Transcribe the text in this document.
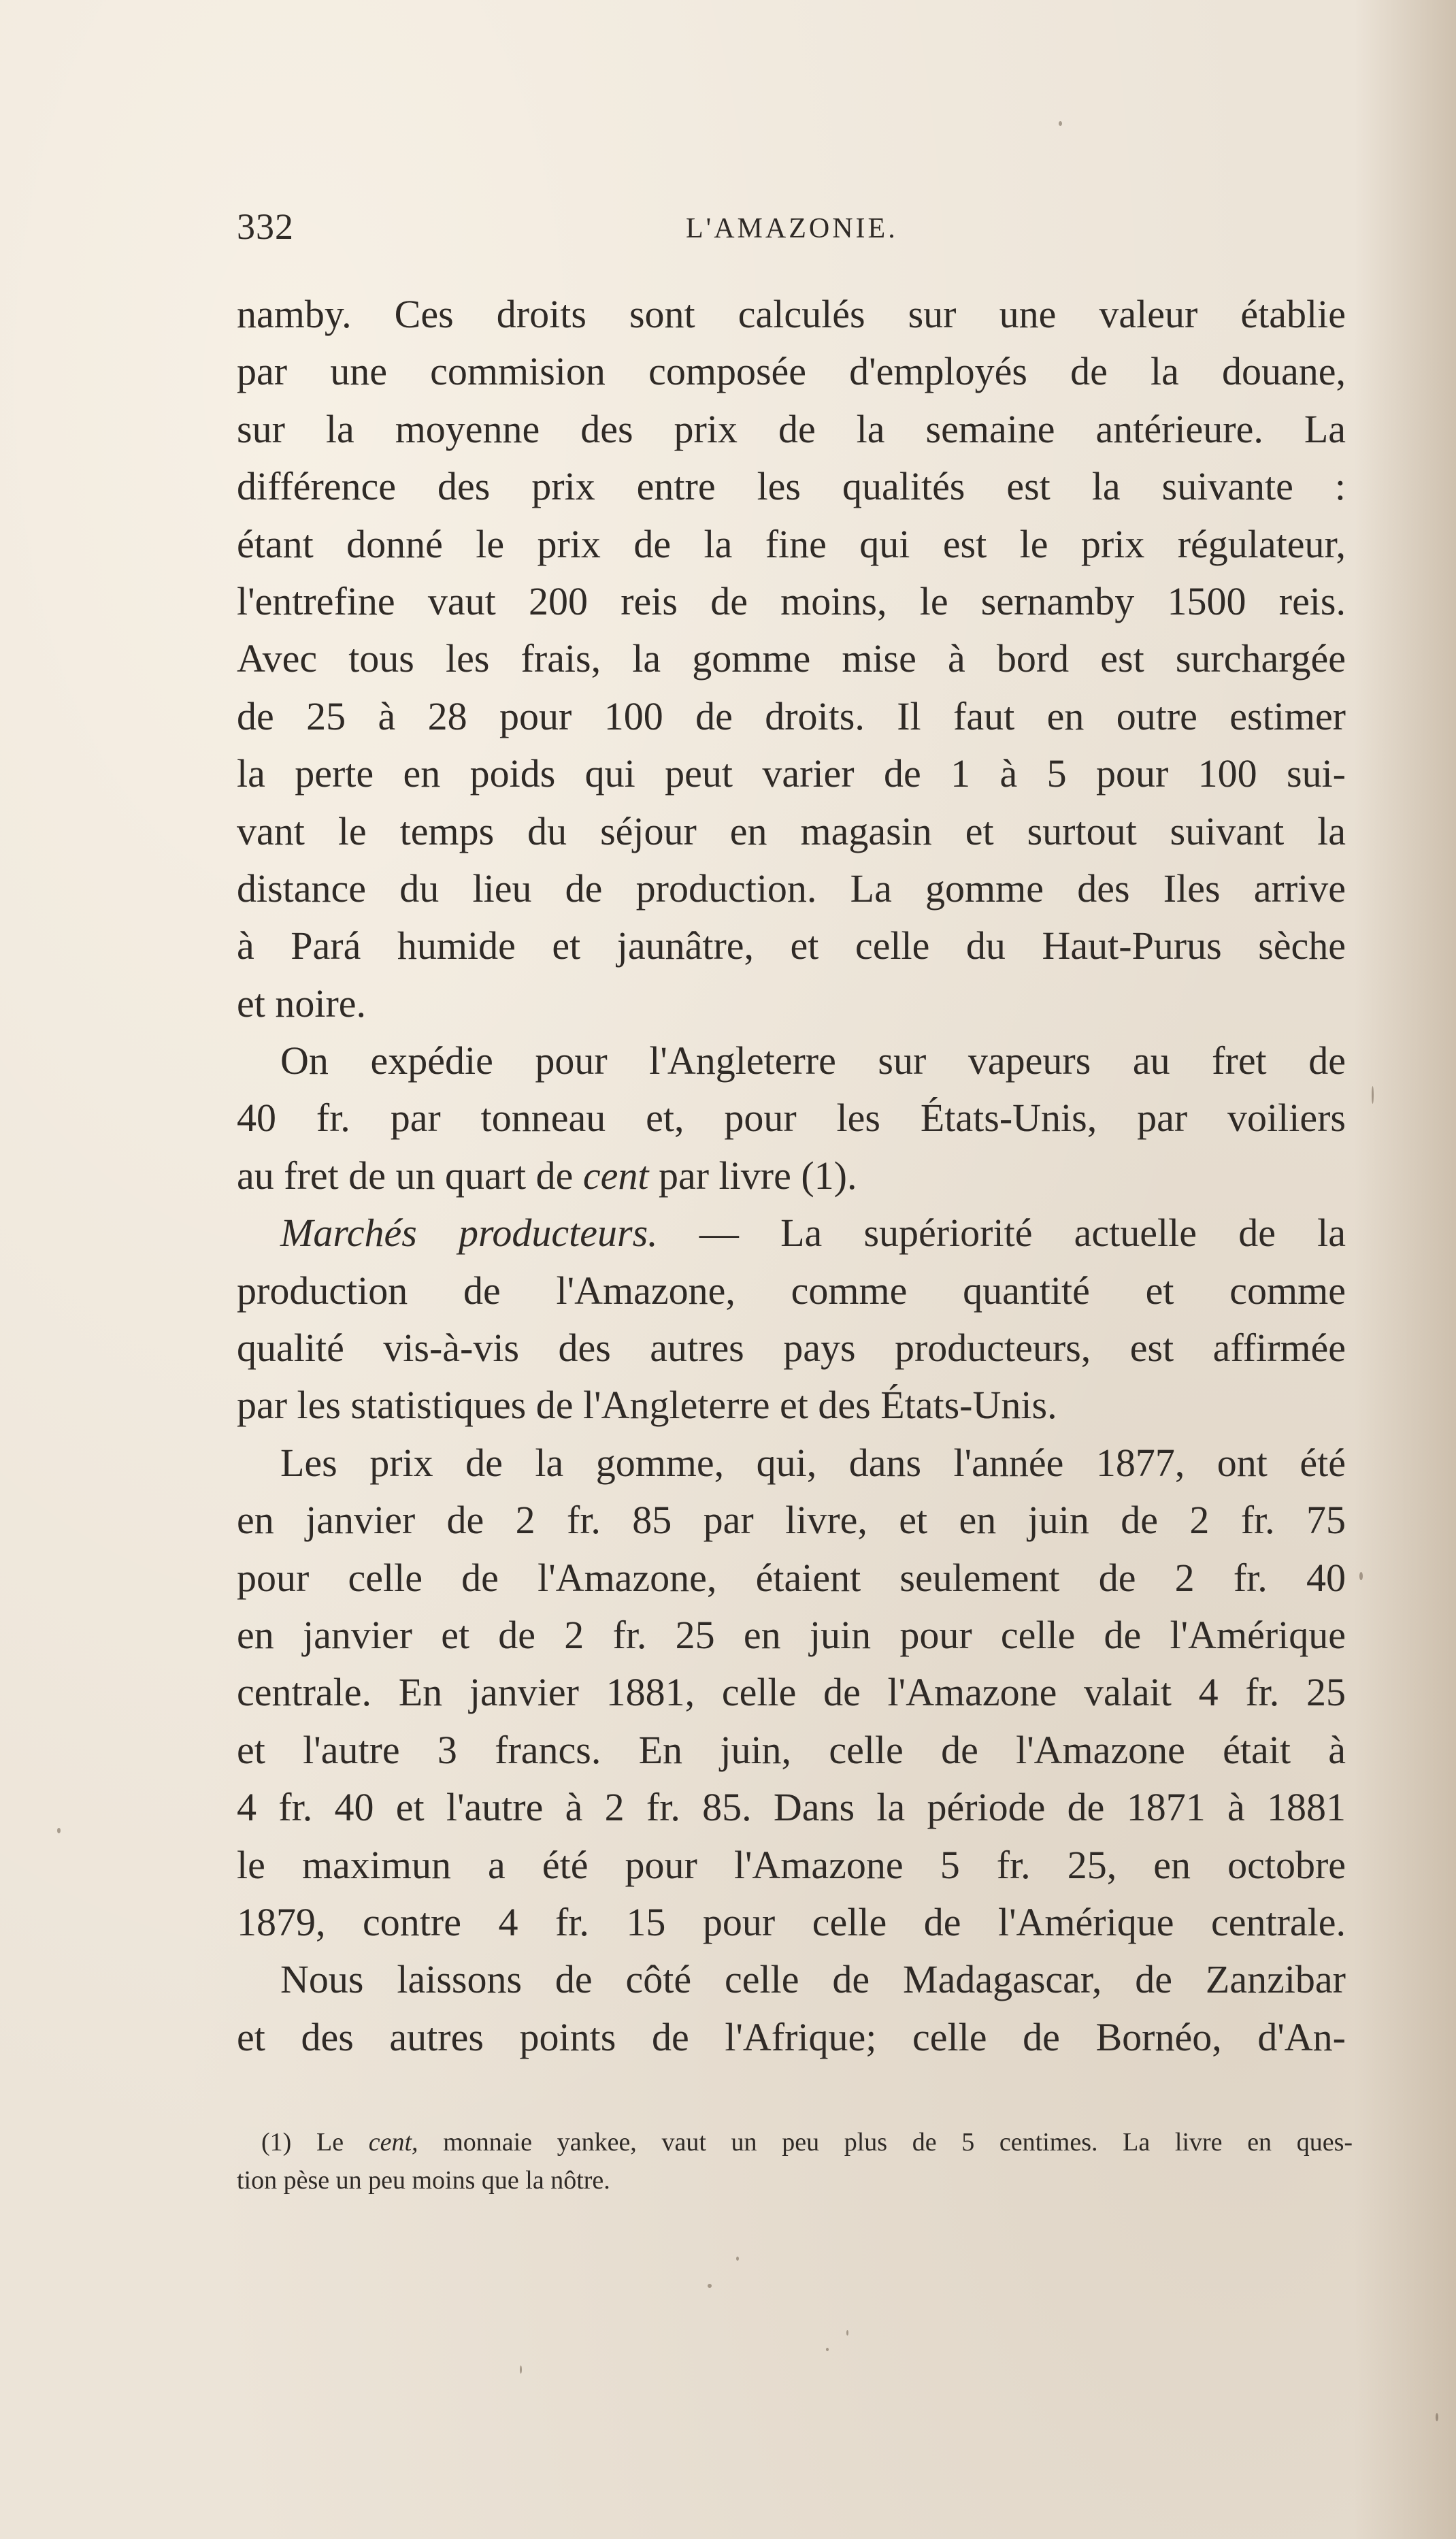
332	L'AMAZONIE.
namby. Ces droits sont calculés sur une valeur établie
par une commision composée d'employés de la douane,
sur la moyenne des prix de la semaine antérieure. La
différence des prix entre les qualités est la suivante :
étant donné le prix de la fine qui est le prix régulateur,
l'entrefine vaut 200 reis de moins, le sernamby 1500 reis.
Avec tous les frais, la gomme mise à bord est surchargée
de 25 à 28 pour 100 de droits. Il faut en outre estimer
la perte en poids qui peut varier de 1 à 5 pour 100 sui-
vant le temps du séjour en magasin et surtout suivant la
distance du lieu de production. La gomme des Iles arrive
à Pará humide et jaunâtre, et celle du Haut-Purus sèche
et noire.
On expédie pour l'Angleterre sur vapeurs au fret de
40 fr. par tonneau et, pour les États-Unis, par voiliers
au fret de un quart de cent par livre (1).
Marchés producteurs. — La supériorité actuelle de la
production de l'Amazone, comme quantité et comme
qualité vis-à-vis des autres pays producteurs, est affirmée
par les statistiques de l'Angleterre et des États-Unis.
Les prix de la gomme, qui, dans l'année 1877, ont été
en janvier de 2 fr. 85 par livre, et en juin de 2 fr. 75
pour celle de l'Amazone, étaient seulement de 2 fr. 40
en janvier et de 2 fr. 25 en juin pour celle de l'Amérique
centrale. En janvier 1881, celle de l'Amazone valait 4 fr. 25
et l'autre 3 francs. En juin, celle de l'Amazone était à
4 fr. 40 et l'autre à 2 fr. 85. Dans la période de 1871 à 1881
le maximun a été pour l'Amazone 5 fr. 25, en octobre
1879, contre 4 fr. 15 pour celle de l'Amérique centrale.
Nous laissons de côté celle de Madagascar, de Zanzibar
et des autres points de l'Afrique; celle de Bornéo, d'An-
(1) Le cent, monnaie yankee, vaut un peu plus de 5 centimes. La livre en ques-
tion pèse un peu moins que la nôtre.
